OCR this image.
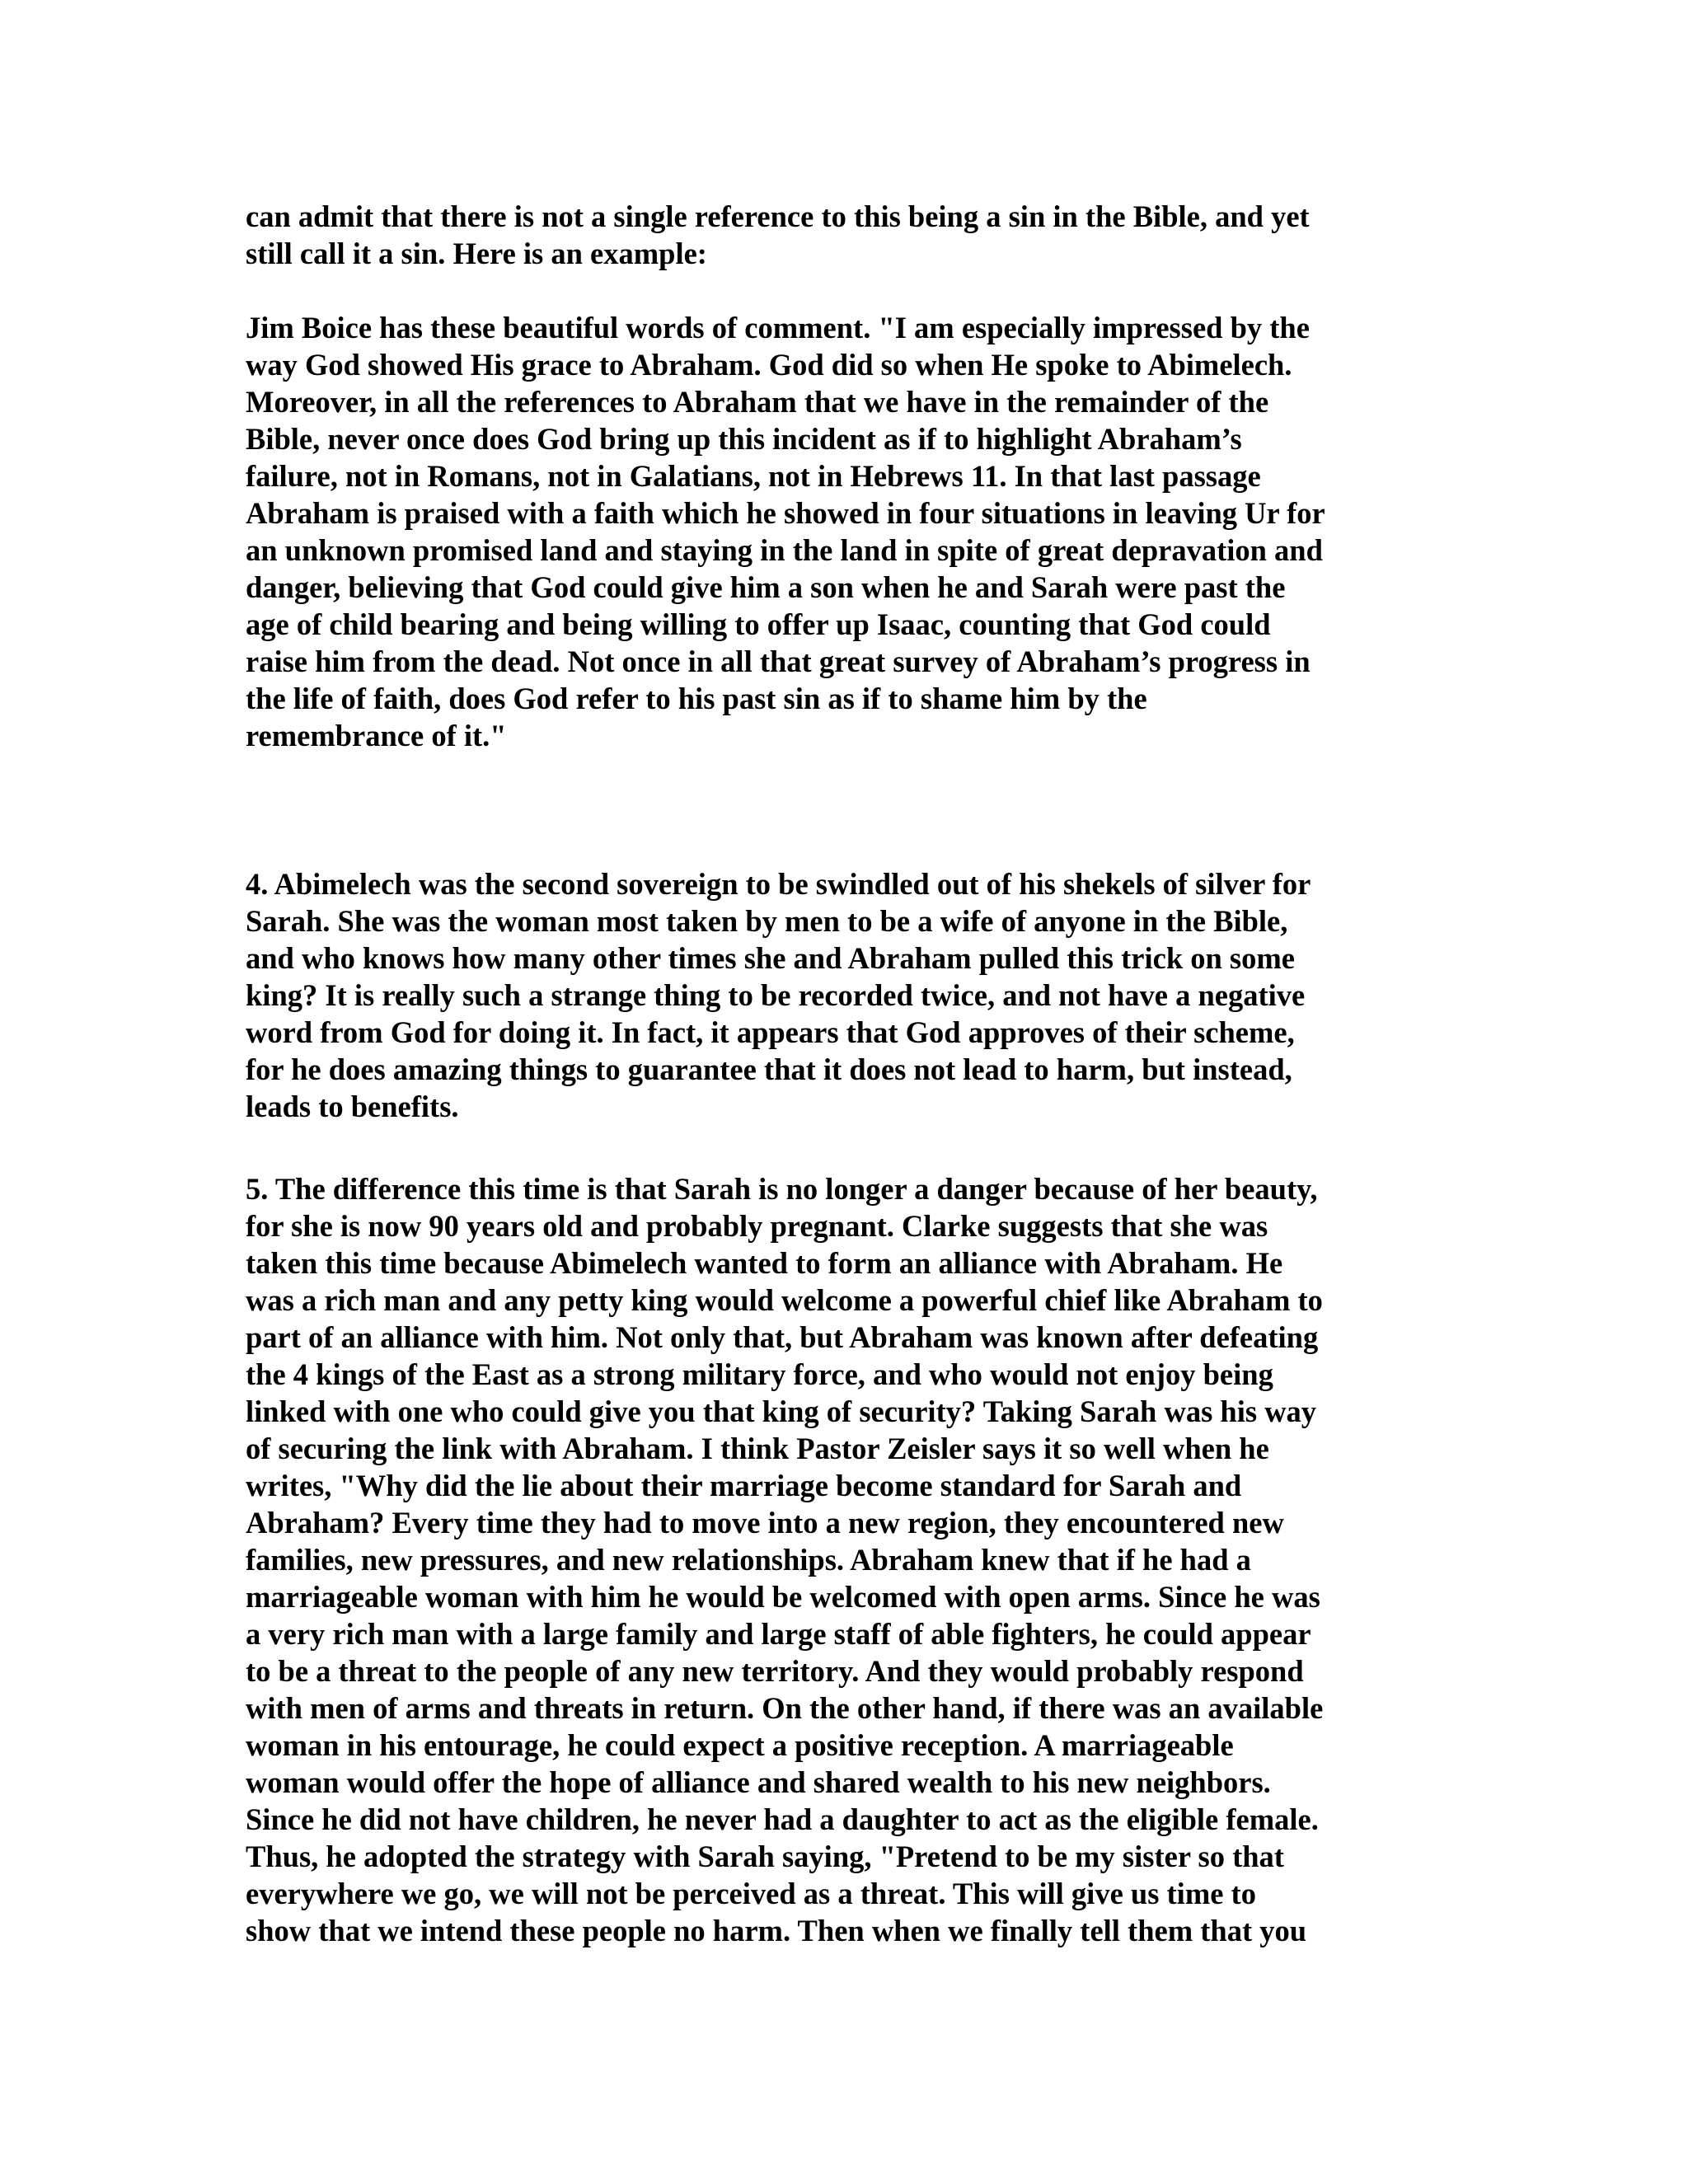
can admit that there is not a single reference to this being a sin in the Bible, and yet
still call it a sin. Here is an example:
Jim Boice has these beautiful words of comment. "I am especially impressed by the
way God showed His grace to Abraham. God did so when He spoke to Abimelech.
Moreover, in all the references to Abraham that we have in the remainder of the
Bible, never once does God bring up this incident as if to highlight Abraham’s
failure, not in Romans, not in Galatians, not in Hebrews 11. In that last passage
Abraham is praised with a faith which he showed in four situations in leaving Ur for
an unknown promised land and staying in the land in spite of great depravation and
danger, believing that God could give him a son when he and Sarah were past the
age of child bearing and being willing to offer up Isaac, counting that God could
raise him from the dead. Not once in all that great survey of Abraham’s progress in
the life of faith, does God refer to his past sin as if to shame him by the
remembrance of it."
4. Abimelech was the second sovereign to be swindled out of his shekels of silver for
Sarah. She was the woman most taken by men to be a wife of anyone in the Bible,
and who knows how many other times she and Abraham pulled this trick on some
king? It is really such a strange thing to be recorded twice, and not have a negative
word from God for doing it. In fact, it appears that God approves of their scheme,
for he does amazing things to guarantee that it does not lead to harm, but instead,
leads to benefits.
5. The difference this time is that Sarah is no longer a danger because of her beauty,
for she is now 90 years old and probably pregnant. Clarke suggests that she was
taken this time because Abimelech wanted to form an alliance with Abraham. He
was a rich man and any petty king would welcome a powerful chief like Abraham to
part of an alliance with him. Not only that, but Abraham was known after defeating
the 4 kings of the East as a strong military force, and who would not enjoy being
linked with one who could give you that king of security? Taking Sarah was his way
of securing the link with Abraham. I think Pastor Zeisler says it so well when he
writes, "Why did the lie about their marriage become standard for Sarah and
Abraham? Every time they had to move into a new region, they encountered new
families, new pressures, and new relationships. Abraham knew that if he had a
marriageable woman with him he would be welcomed with open arms. Since he was
a very rich man with a large family and large staff of able fighters, he could appear
to be a threat to the people of any new territory. And they would probably respond
with men of arms and threats in return. On the other hand, if there was an available
woman in his entourage, he could expect a positive reception. A marriageable
woman would offer the hope of alliance and shared wealth to his new neighbors.
Since he did not have children, he never had a daughter to act as the eligible female.
Thus, he adopted the strategy with Sarah saying, "Pretend to be my sister so that
everywhere we go, we will not be perceived as a threat. This will give us time to
show that we intend these people no harm. Then when we finally tell them that you
